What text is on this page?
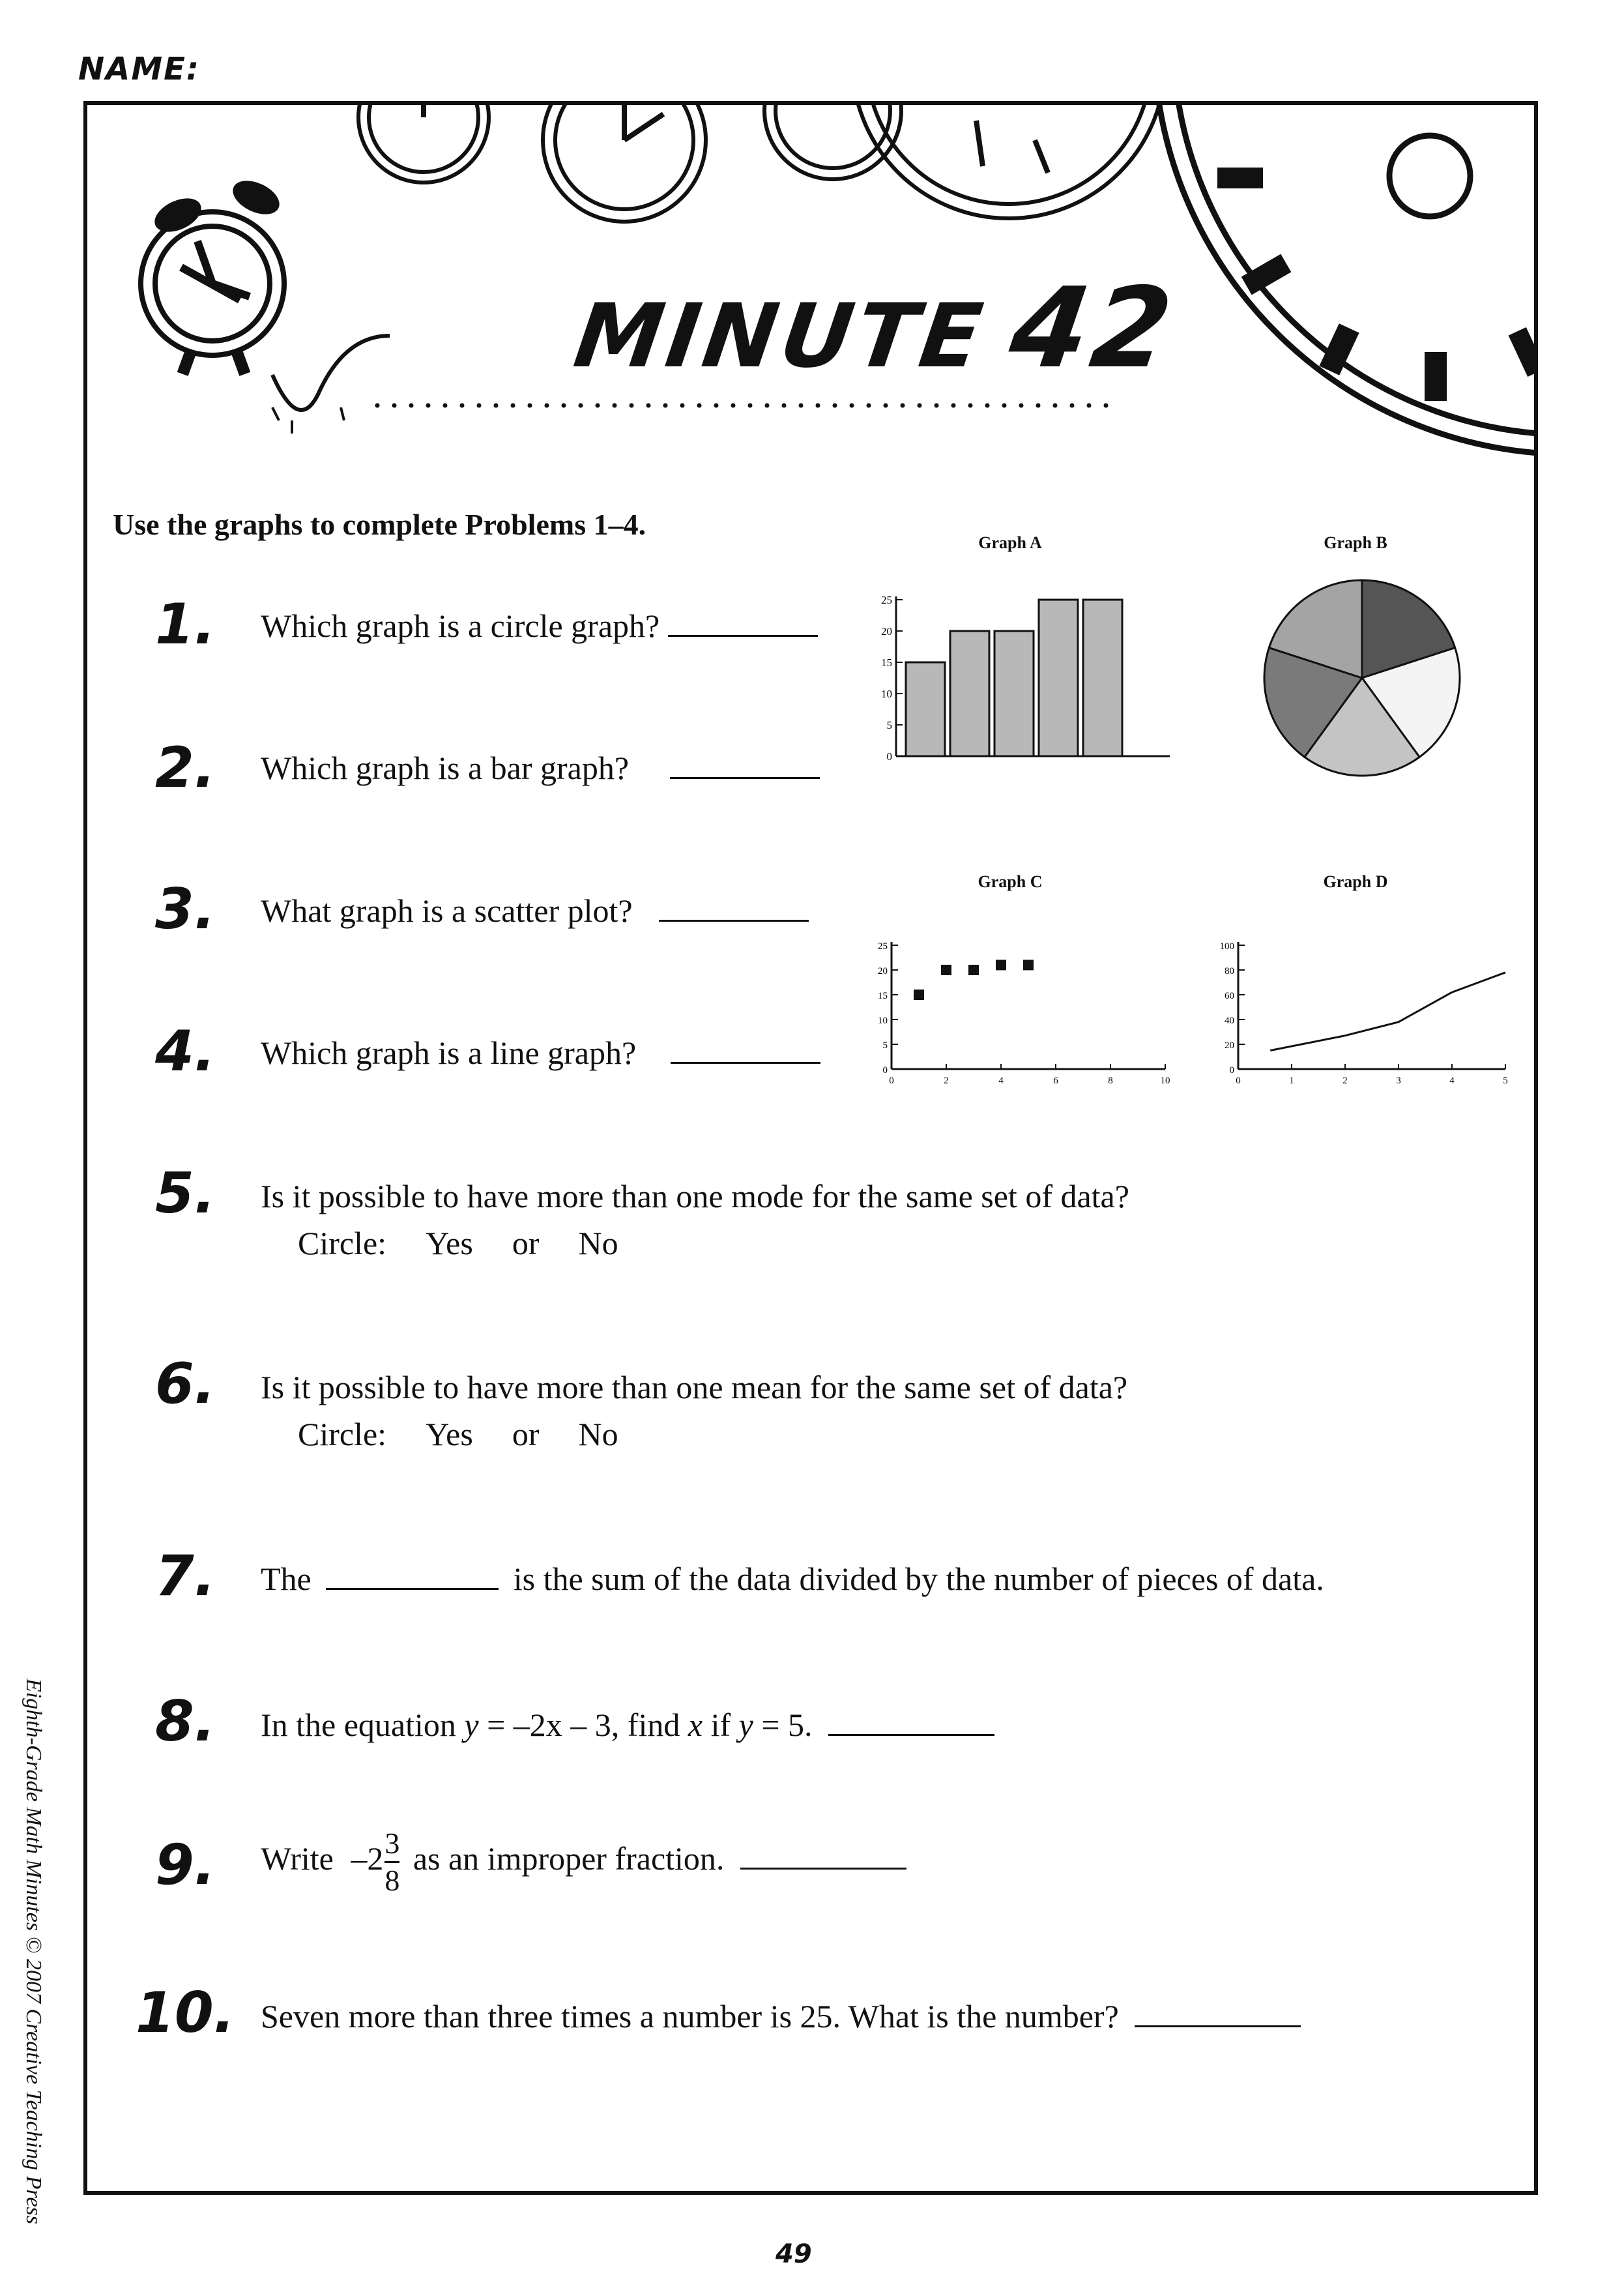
NAME:
MINUTE42
Use the graphs to complete Problems 1–4.
1.	Which graph is a circle graph?
2.	Which graph is a bar graph?
3.	What graph is a scatter plot?
4.	Which graph is a line graph?
Graph A	Graph B
Graph C	Graph D
0
5
10
15
20
25
0
5
10
15
20
25
0	2	4	6	8	10
0
20
40
60
80
100
0	1	2	3	4	5
5.	Is it possible to have more than one mode for the same set of data?
Circle: Yes or No
6.	Is it possible to have more than one mean for the same set of data?
Circle: Yes or No
7.	The	is the sum of the data divided by the number of pieces of data.
8.	In the equation y = –2x – 3, find x if y = 5.
9.	Write $-2 \frac{3}{8}$ as an improper fraction.
10. Seven more than three times a number is 25. What is the number?
49
Eighth-Grade Math Minutes © 2007 Creative Teaching Press
